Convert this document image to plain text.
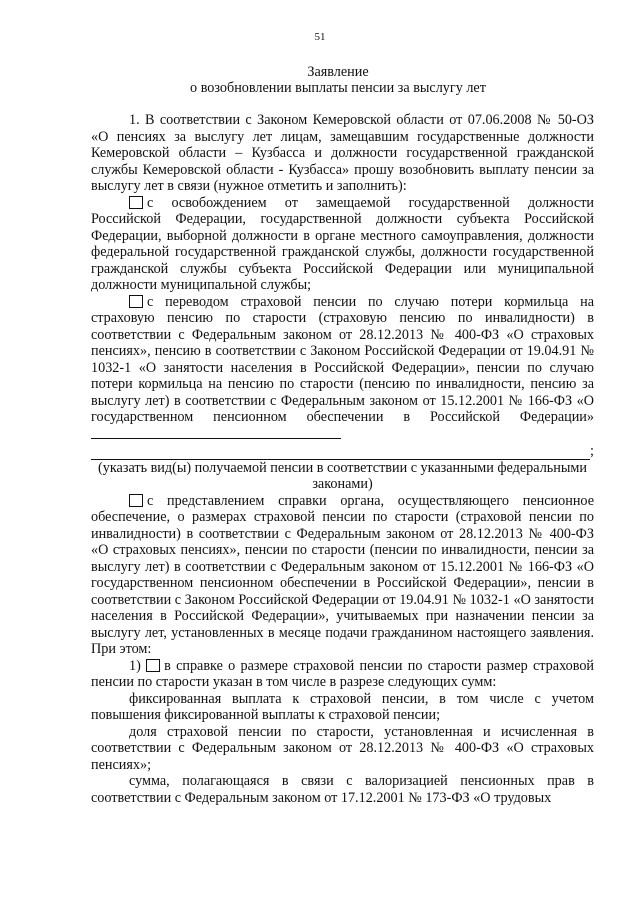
51
Заявление
о возобновлении выплаты пенсии за выслугу лет

1. В соответствии с Законом Кемеровской области от 07.06.2008 № 50-ОЗ «О пенсиях за выслугу лет лицам, замещавшим государственные должности Кемеровской области – Кузбасса и должности государственной гражданской службы Кемеровской области - Кузбасса» прошу возобновить выплату пенсии за выслугу лет в связи (нужное отметить и заполнить):

с освобождением от замещаемой государственной должности Российской Федерации, государственной должности субъекта Российской Федерации, выборной должности в органе местного самоуправления, должности федеральной государственной гражданской службы, должности государственной гражданской службы субъекта Российской Федерации или муниципальной должности муниципальной службы;

с переводом страховой пенсии по случаю потери кормильца на страховую пенсию по старости (страховую пенсию по инвалидности) в соответствии с Федеральным законом от 28.12.2013 № 400-ФЗ «О страховых пенсиях», пенсию в соответствии с Законом Российской Федерации от 19.04.91 № 1032-1 «О занятости населения в Российской Федерации», пенсии по случаю потери кормильца на пенсию по старости (пенсию по инвалидности, пенсию за выслугу лет) в соответствии с Федеральным законом от 15.12.2001 № 166-ФЗ «О государственном пенсионном обеспечении в Российской Федерации»

;

(указать вид(ы) получаемой пенсии в соответствии с указанными федеральными законами)

с представлением справки органа, осуществляющего пенсионное обеспечение, о размерах страховой пенсии по старости (страховой пенсии по инвалидности) в соответствии с Федеральным законом от 28.12.2013 № 400-ФЗ «О страховых пенсиях», пенсии по старости (пенсии по инвалидности, пенсии за выслугу лет) в соответствии с Федеральным законом от 15.12.2001 № 166-ФЗ «О государственном пенсионном обеспечении в Российской Федерации», пенсии в соответствии с Законом Российской Федерации от 19.04.91 № 1032-1 «О занятости населения в Российской Федерации», учитываемых при назначении пенсии за выслугу лет, установленных в месяце подачи гражданином настоящего заявления. При этом:

1) в справке о размере страховой пенсии по старости размер страховой пенсии по старости указан в том числе в разрезе следующих сумм:

фиксированная выплата к страховой пенсии, в том числе с учетом повышения фиксированной выплаты к страховой пенсии;

доля страховой пенсии по старости, установленная и исчисленная в соответствии с Федеральным законом от 28.12.2013 № 400-ФЗ «О страховых пенсиях»;

сумма, полагающаяся в связи с валоризацией пенсионных прав в соответствии с Федеральным законом от 17.12.2001 № 173-ФЗ «О трудовых
